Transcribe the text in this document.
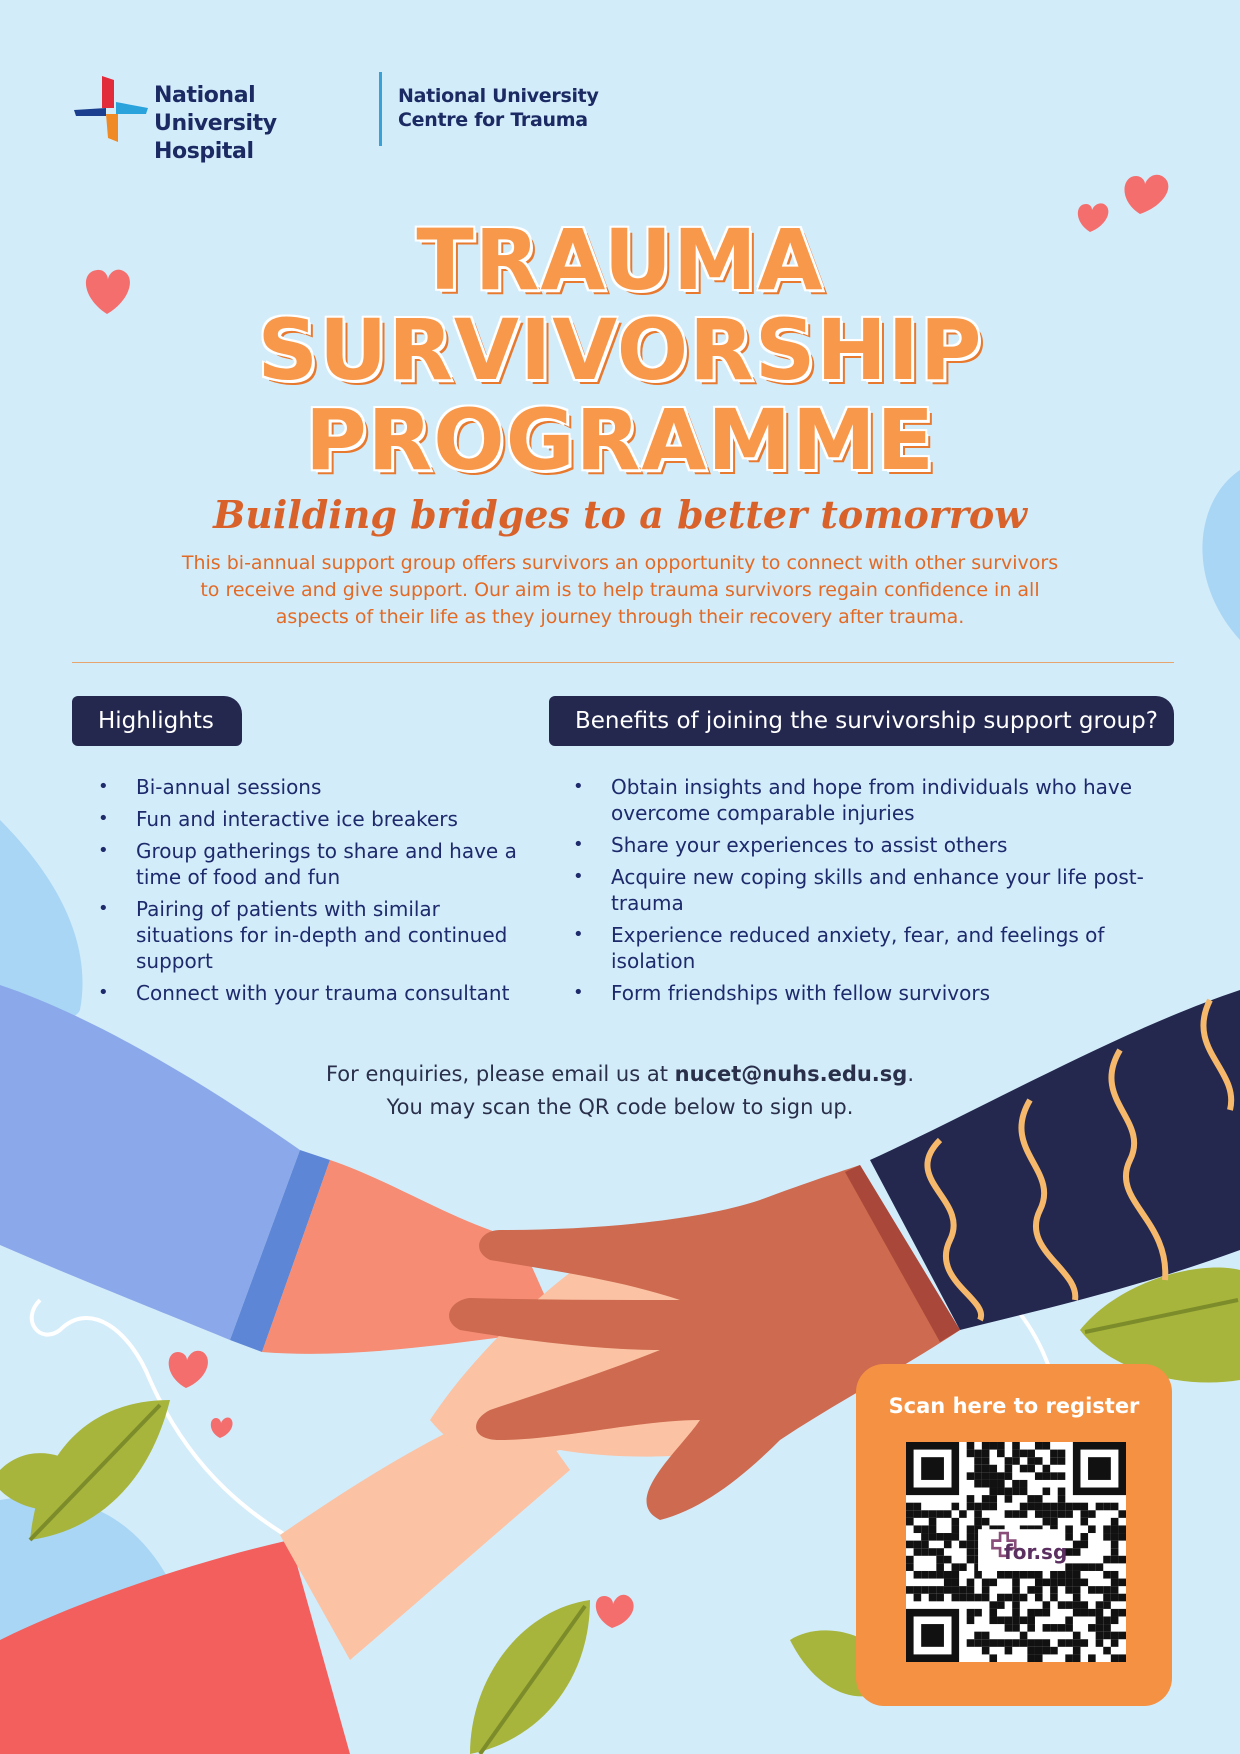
National University
Hospital
National University
Centre for Trauma
TRAUMA
SURVIVORSHIP
PROGRAMME
Building bridges to a better tomorrow
This bi-annual support group offers survivors an opportunity to connect with other survivors to receive and give support. Our aim is to help trauma survivors regain confidence in all aspects of their life as they journey through their recovery after trauma.
Highlights	Benefits of joining the survivorship support group?
• Bi-annual sessions
• Fun and interactive ice breakers
• Group gatherings to share and have a time of food and fun
• Pairing of patients with similar situations for in-depth and continued support
• Connect with your trauma consultant
• Obtain insights and hope from individuals who have overcome comparable injuries
• Share your experiences to assist others
• Acquire new coping skills and enhance your life post-trauma
• Experience reduced anxiety, fear, and feelings of isolation
• Form friendships with fellow survivors
For enquiries, please email us at nucet@nuhs.edu.sg.
You may scan the QR code below to sign up.
Scan here to register
for.sg
